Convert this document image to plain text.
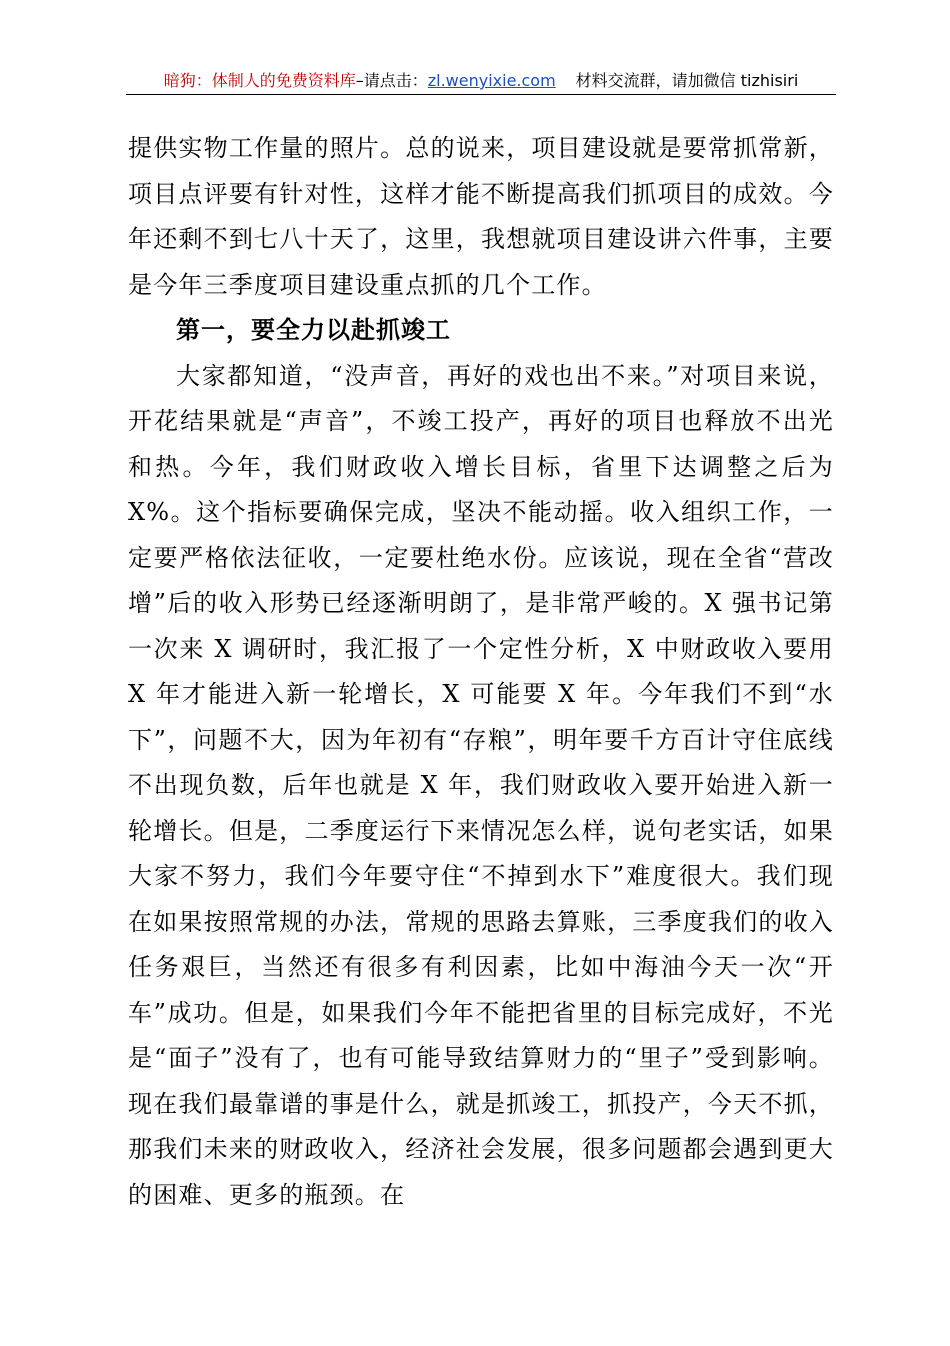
暗狗：体制人的免费资料库–请点击：zl.wenyixie.com 材料交流群，请加微信 tizhisiri

提供实物工作量的照片。总的说来，项目建设就是要常抓常新，项目点评要有针对性，这样才能不断提高我们抓项目的成效。今年还剩不到七八十天了，这里，我想就项目建设讲六件事，主要是今年三季度项目建设重点抓的几个工作。

第一，要全力以赴抓竣工

大家都知道，“没声音，再好的戏也出不来。”对项目来说，开花结果就是“声音”，不竣工投产，再好的项目也释放不出光和热。今年，我们财政收入增长目标，省里下达调整之后为 X%。这个指标要确保完成，坚决不能动摇。收入组织工作，一定要严格依法征收，一定要杜绝水份。应该说，现在全省“营改增”后的收入形势已经逐渐明朗了，是非常严峻的。X 强书记第一次来 X 调研时，我汇报了一个定性分析，X 中财政收入要用 X 年才能进入新一轮增长，X 可能要 X 年。今年我们不到“水下”，问题不大，因为年初有“存粮”，明年要千方百计守住底线不出现负数，后年也就是 X 年，我们财政收入要开始进入新一轮增长。但是，二季度运行下来情况怎么样，说句老实话，如果大家不努力，我们今年要守住“不掉到水下”难度很大。我们现在如果按照常规的办法，常规的思路去算账，三季度我们的收入任务艰巨，当然还有很多有利因素，比如中海油今天一次“开车”成功。但是，如果我们今年不能把省里的目标完成好，不光是“面子”没有了，也有可能导致结算财力的“里子”受到影响。现在我们最靠谱的事是什么，就是抓竣工，抓投产，今天不抓，那我们未来的财政收入，经济社会发展，很多问题都会遇到更大的困难、更多的瓶颈。在
